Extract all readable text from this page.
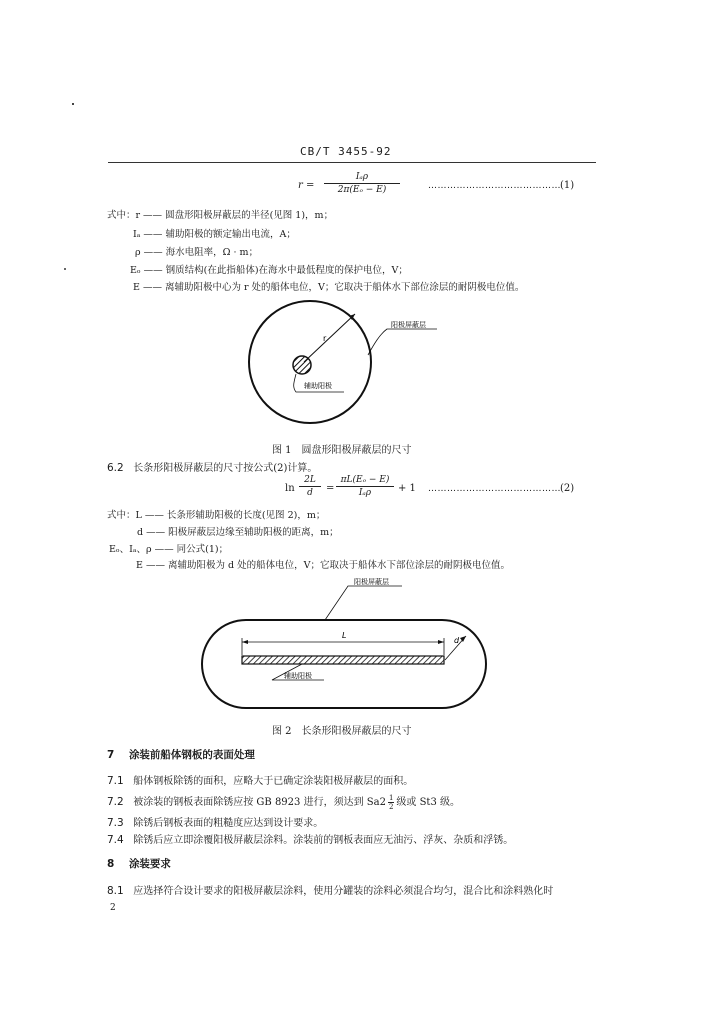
CB/T 3455-92
r =
Iₐρ
2π(Eₒ − E)	…………………………………… (1)
式中：r —— 圆盘形阳极屏蔽层的半径(见图 1)，m；
Iₐ —— 辅助阳极的额定输出电流，A；
ρ —— 海水电阻率，Ω · m；
Eₒ —— 钢质结构(在此指船体)在海水中最低程度的保护电位，V；
E —— 离辅助阳极中心为 r 处的船体电位，V；它取决于船体水下部位涂层的耐阴极电位值。
r
阳极屏蔽层
辅助阳极
图 1　圆盘形阳极屏蔽层的尺寸
6.2 长条形阳极屏蔽层的尺寸按公式(2)计算。
$\ln \frac{2L}{d}$ =
πL(Eₒ − E)
Iₐρ	+ 1 …………………………………… (2)
式中：L —— 长条形辅助阳极的长度(见图 2)，m；
d —— 阳极屏蔽层边缘至辅助阳极的距离，m；
Eₒ、Iₐ、ρ —— 同公式(1)；
E —— 离辅助阳极为 d 处的船体电位，V；它取决于船体水下部位涂层的耐阴极电位值。
L
d
阳极屏蔽层
辅助阳极
图 2　长条形阳极屏蔽层的尺寸
7 涂装前船体钢板的表面处理
7.1 船体钢板除锈的面积，应略大于已确定涂装阳极屏蔽层的面积。
7.2 被涂装的钢板表面除锈应按 GB 8923 进行，须达到 $Sa2 \frac{1}{2}$ 级或 St3 级。
7.3 除锈后钢板表面的粗糙度应达到设计要求。
7.4 除锈后应立即涂覆阳极屏蔽层涂料。涂装前的钢板表面应无油污、浮灰、杂质和浮锈。
8 涂装要求
8.1 应选择符合设计要求的阳极屏蔽层涂料，使用分罐装的涂料必须混合均匀，混合比和涂料熟化时
2
